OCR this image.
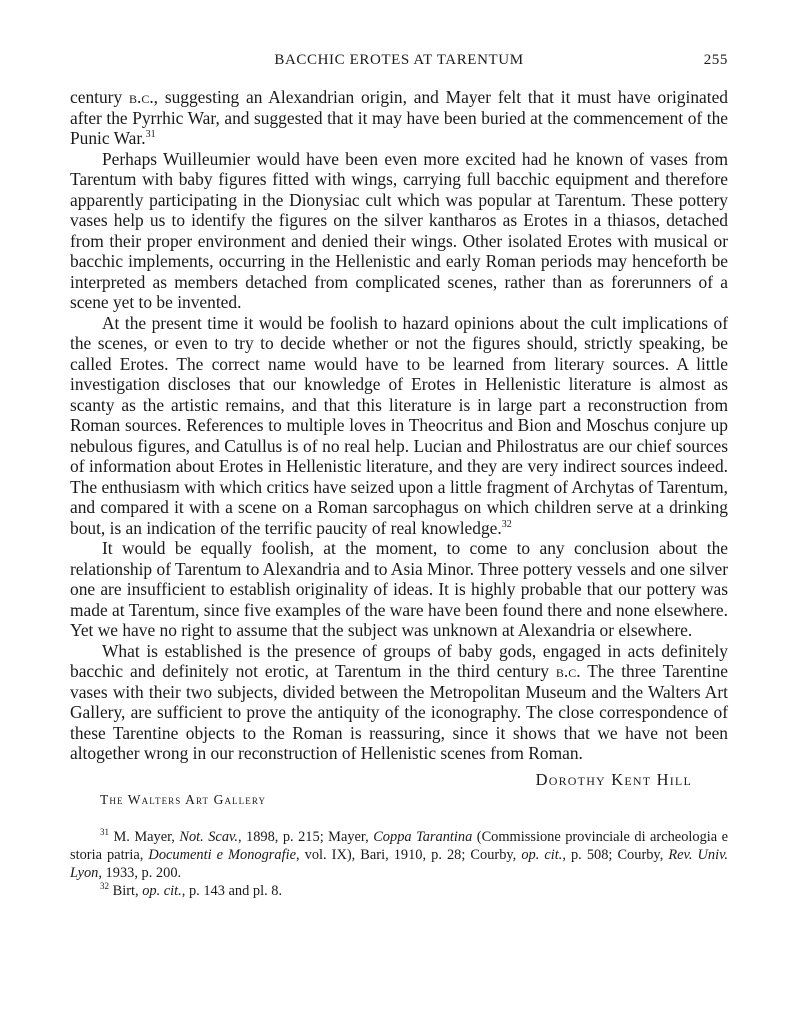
BACCHIC EROTES AT TARENTUM	255

century b.c., suggesting an Alexandrian origin, and Mayer felt that it must have originated after the Pyrrhic War, and suggested that it may have been buried at the commencement of the Punic War.$^{31}$

Perhaps Wuilleumier would have been even more excited had he known of vases from Tarentum with baby figures fitted with wings, carrying full bacchic equipment and therefore apparently participating in the Dionysiac cult which was popular at Tarentum. These pottery vases help us to identify the figures on the silver kantharos as Erotes in a thiasos, detached from their proper environment and denied their wings. Other isolated Erotes with musical or bacchic implements, occurring in the Hellenistic and early Roman periods may henceforth be interpreted as members detached from complicated scenes, rather than as forerunners of a scene yet to be invented.

At the present time it would be foolish to hazard opinions about the cult implications of the scenes, or even to try to decide whether or not the figures should, strictly speaking, be called Erotes. The correct name would have to be learned from literary sources. A little investigation discloses that our knowledge of Erotes in Hellenistic literature is almost as scanty as the artistic remains, and that this literature is in large part a reconstruction from Roman sources. References to multiple loves in Theocritus and Bion and Moschus conjure up nebulous figures, and Catullus is of no real help. Lucian and Philostratus are our chief sources of information about Erotes in Hellenistic literature, and they are very indirect sources indeed. The enthusiasm with which critics have seized upon a little fragment of Archytas of Tarentum, and compared it with a scene on a Roman sarcophagus on which children serve at a drinking bout, is an indication of the terrific paucity of real knowledge.$^{32}$

It would be equally foolish, at the moment, to come to any conclusion about the relationship of Tarentum to Alexandria and to Asia Minor. Three pottery vessels and one silver one are insufficient to establish originality of ideas. It is highly probable that our pottery was made at Tarentum, since five examples of the ware have been found there and none elsewhere. Yet we have no right to assume that the subject was unknown at Alexandria or elsewhere.

What is established is the presence of groups of baby gods, engaged in acts definitely bacchic and definitely not erotic, at Tarentum in the third century b.c. The three Tarentine vases with their two subjects, divided between the Metropolitan Museum and the Walters Art Gallery, are sufficient to prove the antiquity of the iconography. The close correspondence of these Tarentine objects to the Roman is reassuring, since it shows that we have not been altogether wrong in our reconstruction of Hellenistic scenes from Roman.

Dorothy Kent Hill
The Walters Art Gallery

$^{31}$ M. Mayer, Not. Scav., 1898, p. 215; Mayer, Coppa Tarantina (Commissione provinciale di archeologia e storia patria, Documenti e Monografie, vol. IX), Bari, 1910, p. 28; Courby, op. cit., p. 508; Courby, Rev. Univ. Lyon, 1933, p. 200.

$^{32}$ Birt, op. cit., p. 143 and pl. 8.
